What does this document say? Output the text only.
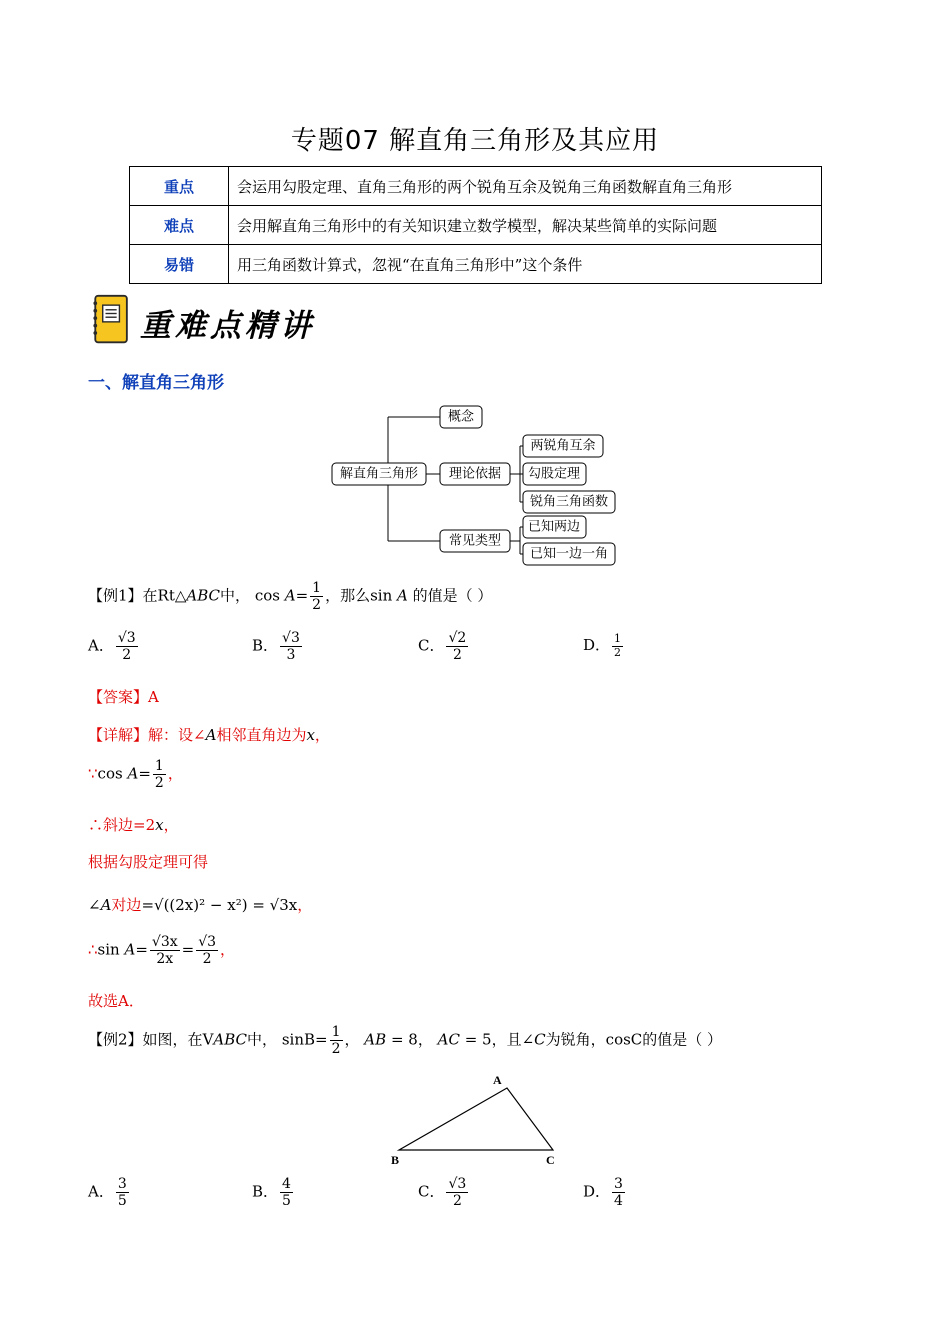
专题07 解直角三角形及其应用
重点	会运用勾股定理、直角三角形的两个锐角互余及锐角三角函数解直角三角形
难点	会用解直角三角形中的有关知识建立数学模型，解决某些简单的实际问题
易错	用三角函数计算式，忽视“在直角三角形中”这个条件
重难点精讲
一、解直角三角形
解直角三角形
概念
理论依据
常见类型
两锐角互余
勾股定理
锐角三角函数
已知两边
已知一边一角
【例1】在Rt△ABC中， $\cos A= \frac{1}{2}$ ，那么sin A 的值是（ ）
A． $\frac{√3}{2}$	B． $\frac{√3}{3}$	C． $\frac{√2}{2}$	D． $\frac{1}{2}$
【答案】A
【详解】解：设∠A相邻直角边为x，
∵cos $A= \frac{1}{2}$ ，
∴斜边=2x，
根据勾股定理可得
∠A对边=√((2x)² − x²) = √3x，
∴sin $A= \frac{√3x}{2x} = \frac{√3}{2}$ ，
故选A．
【例2】如图，在VABC中， $\sin B= \frac{1}{2}$ ， AB = 8， AC = 5，且∠C为锐角，cosC的值是（ ）
A
B	C
A． $\frac{3}{5}$	B． $\frac{4}{5}$	C． $\frac{√3}{2}$	D． $\frac{3}{4}$
